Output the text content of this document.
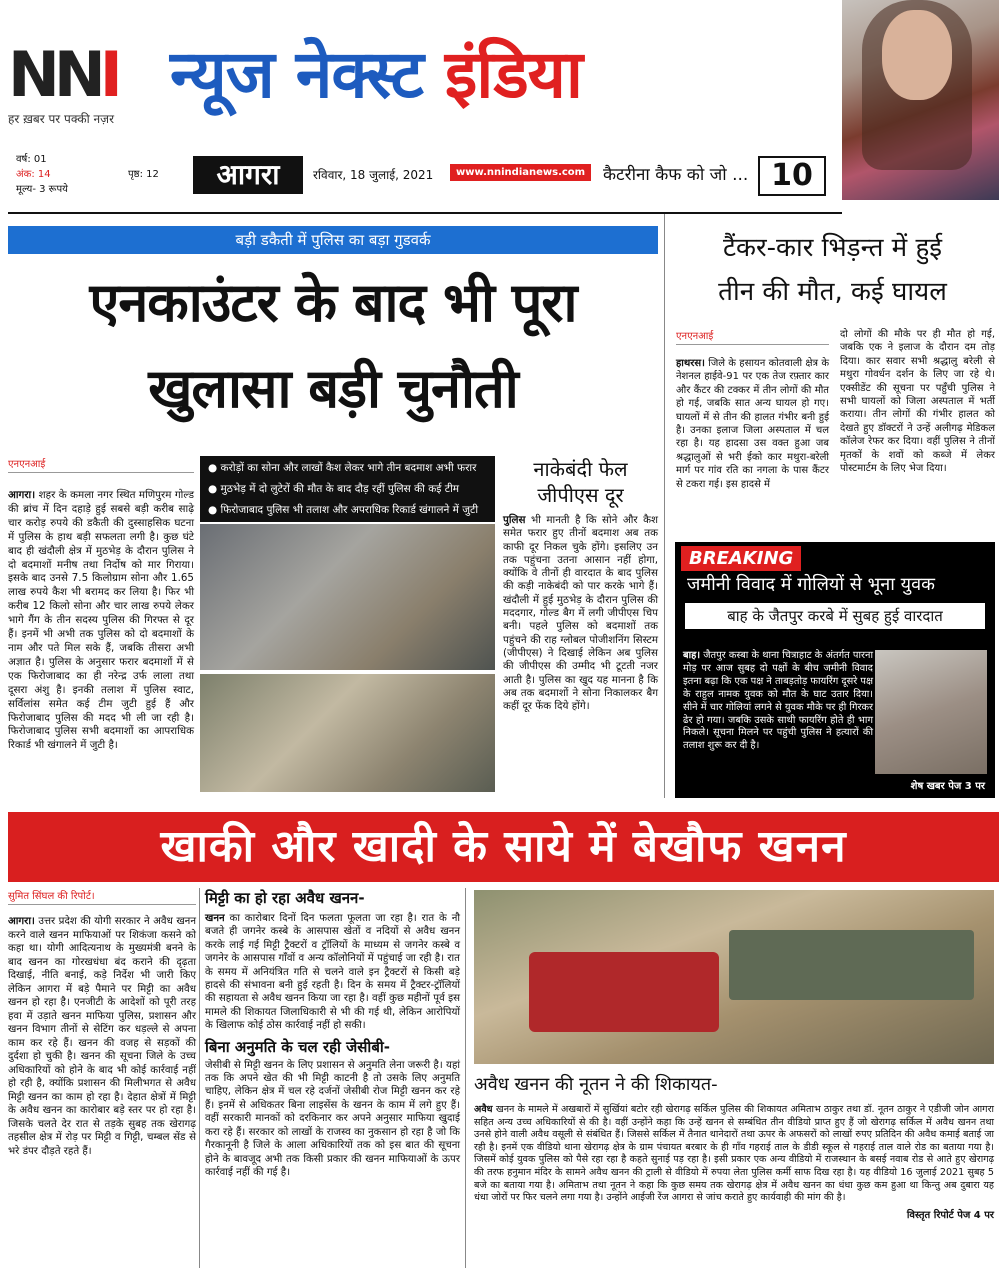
NNI
हर ख़बर पर पक्की नज़र
न्यूज नेक्स्ट इंडिया
वर्ष: 01
अंक: 14
मूल्य- 3 रूपये
पृष्ठ: 12	आगरा	रविवार, 18 जुलाई, 2021	www.nnindianews.com	कैटरीना कैफ को जो ... 10
बड़ी डकैती में पुलिस का बड़ा गुडवर्क
एनकाउंटर के बाद भी पूरा
खुलासा बड़ी चुनौती
एनएनआई

आगरा। शहर के कमला नगर स्थित मणिपुरम गोल्ड की ब्रांच में दिन दहाड़े हुई सबसे बड़ी करीब साढ़े चार करोड़ रुपये की डकैती की दुस्साहसिक घटना में पुलिस के हाथ बड़ी सफलता लगी है। कुछ घंटे बाद ही खंदौली क्षेत्र में मुठभेड़ के दौरान पुलिस ने दो बदमाशों मनीष तथा निर्दोष को मार गिराया। इसके बाद उनसे 7.5 किलोग्राम सोना और 1.65 लाख रुपये कैश भी बरामद कर लिया है। फिर भी करीब 12 किलो सोना और चार लाख रुपये लेकर भागे गैंग के तीन सदस्य पुलिस की गिरफ्त से दूर हैं। इनमें भी अभी तक पुलिस को दो बदमाशों के नाम और पते मिल सके हैं, जबकि तीसरा अभी अज्ञात है। पुलिस के अनुसार फरार बदमाशों में से एक फिरोजाबाद का ही नरेन्द्र उर्फ लाला तथा दूसरा अंशु है। इनकी तलाश में पुलिस स्वाट, सर्विलांस समेत कई टीम जुटी हुई हैं और फिरोजाबाद पुलिस की मदद भी ली जा रही है। फिरोजाबाद पुलिस सभी बदमाशों का आपराधिक रिकार्ड भी खंगालने में जुटी है।

● करोड़ों का सोना और लाखों कैश लेकर भागे तीन बदमाश अभी फरार
● मुठभेड़ में दो लुटेरों की मौत के बाद दौड़ रहीं पुलिस की कई टीम
● फिरोजाबाद पुलिस भी तलाश और अपराधिक रिकार्ड खंगालने में जुटी
नाकेबंदी फेल
जीपीएस दूर

पुलिस भी मानती है कि सोने और कैश समेत फरार हुए तीनों बदमाश अब तक काफी दूर निकल चुके होंगे। इसलिए उन तक पहुंचना उतना आसान नहीं होगा, क्योंकि वे तीनों ही वारदात के बाद पुलिस की कड़ी नाकेबंदी को पार करके भागे हैं। खंदौली में हुई मुठभेड़ के दौरान पुलिस की मददगार, गोल्ड बैग में लगी जीपीएस चिप बनी। पहले पुलिस को बदमाशों तक पहुंचने की राह ग्लोबल पोजीशनिंग सिस्टम (जीपीएस) ने दिखाई लेकिन अब पुलिस की जीपीएस की उम्मीद भी टूटती नजर आती है। पुलिस का खुद यह मानना है कि अब तक बदमाशों ने सोना निकालकर बैग कहीं दूर फेंक दिये होंगे।

टैंकर-कार भिड़न्त में हुई
तीन की मौत, कई घायल
एनएनआई

हाथरस। जिले के हसायन कोतवाली क्षेत्र के नेशनल हाईवे-91 पर एक तेज रफ़्तार कार और कैंटर की टक्कर में तीन लोगों की मौत हो गई, जबकि सात अन्य घायल हो गए। घायलों में से तीन की हालत गंभीर बनी हुई है। उनका इलाज जिला अस्पताल में चल रहा है। यह हादसा उस वक्त हुआ जब श्रद्धालुओं से भरी ईको कार मथुरा-बरेली मार्ग पर गांव रति का नगला के पास कैंटर से टकरा गई। इस हादसे में

दो लोगों की मौके पर ही मौत हो गई, जबकि एक ने इलाज के दौरान दम तोड़ दिया। कार सवार सभी श्रद्धालु बरेली से मथुरा गोवर्धन दर्शन के लिए जा रहे थे। एक्सीडेंट की सूचना पर पहुँची पुलिस ने सभी घायलों को जिला अस्पताल में भर्ती कराया। तीन लोगों की गंभीर हालत को देखते हुए डॉक्टरों ने उन्हें अलीगढ़ मेडिकल कॉलेज रेफर कर दिया। वहीं पुलिस ने तीनों मृतकों के शवों को कब्जे में लेकर पोस्टमार्टम के लिए भेज दिया।

BREAKING
जमीनी विवाद में गोलियों से भूना युवक
बाह के जैतपुर करबे में सुबह हुई वारदात

बाह। जैतपुर कस्बा के थाना चित्राहाट के अंतर्गत पारना मोड़ पर आज सुबह दो पक्षों के बीच जमीनी विवाद इतना बढ़ा कि एक पक्ष ने ताबड़तोड़ फायरिंग दूसरे पक्ष के राहुल नामक युवक को मौत के घाट उतार दिया। सीने में चार गोलियां लगने से युवक मौके पर ही गिरकर ढेर हो गया। जबकि उसके साथी फायरिंग होते ही भाग निकले। सूचना मिलने पर पहुंची पुलिस ने हत्यारों की तलाश शुरू कर दी है।

शेष खबर पेज 3 पर
खाकी और खादी के साये में बेखौफ खनन
सुमित सिंघल की रिपोर्ट।

आगरा। उत्तर प्रदेश की योगी सरकार ने अवैध खनन करने वाले खनन माफियाओं पर शिकंजा कसने को कहा था। योगी आदित्यनाथ के मुख्यमंत्री बनने के बाद खनन का गोरखधंधा बंद कराने की दृढ़ता दिखाई, नीति बनाई, कड़े निर्देश भी जारी किए लेकिन आगरा में बड़े पैमाने पर मिट्टी का अवैध खनन हो रहा है। एनजीटी के आदेशों को पूरी तरह हवा में उड़ाते खनन माफिया पुलिस, प्रशासन और खनन विभाग तीनों से सेटिंग कर धड़ल्ले से अपना काम कर रहे हैं। खनन की वजह से सड़कों की दुर्दशा हो चुकी है। खनन की सूचना जिले के उच्च अधिकारियों को होने के बाद भी कोई कार्रवाई नहीं हो रही है, क्योंकि प्रशासन की मिलीभगत से अवैध मिट्टी खनन का काम हो रहा है। देहात क्षेत्रों में मिट्टी के अवैध खनन का कारोबार बड़े स्तर पर हो रहा है। जिसके चलते देर रात से तड़के सुबह तक खेरागढ़ तहसील क्षेत्र में रोड़ पर मिट्टी व गिट्टी, चम्बल सेंड से भरे डंपर दौड़ते रहते हैं।

मिट्टी का हो रहा अवैध खनन-

खनन का कारोबार दिनों दिन फलता फूलता जा रहा है। रात के नौ बजते ही जगनेर कस्बे के आसपास खेतों व नदियों से अवैध खनन करके लाई गई मिट्टी ट्रैक्टरों व ट्रॉलियों के माध्यम से जगनेर कस्बे व जगनेर के आसपास गाँवों व अन्य कॉलोनियों में पहुंचाई जा रही है। रात के समय में अनियंत्रित गति से चलने वाले इन ट्रैक्टरों से किसी बड़े हादसे की संभावना बनी हुई रहती है। दिन के समय में ट्रैक्टर-ट्रॉलियों की सहायता से अवैध खनन किया जा रहा है। वहीं कुछ महीनों पूर्व इस मामले की शिकायत जिलाधिकारी से भी की गई थी, लेकिन आरोपियों के खिलाफ कोई ठोस कार्रवाई नहीं हो सकी।

बिना अनुमति के चल रही जेसीबी-

जेसीबी से मिट्टी खनन के लिए प्रशासन से अनुमति लेना जरूरी है। यहां तक कि अपने खेत की भी मिट्टी काटनी है तो उसके लिए अनुमति चाहिए, लेकिन क्षेत्र में चल रहे दर्जनों जेसीबी रोज मिट्टी खनन कर रहे हैं। इनमें से अधिकतर बिना लाइसेंस के खनन के काम में लगे हुए हैं। वहीं सरकारी मानकों को दरकिनार कर अपने अनुसार माफिया खुदाई करा रहे हैं। सरकार को लाखों के राजस्व का नुकसान हो रहा है जो कि गैरकानूनी है जिले के आला अधिकारियों तक को इस बात की सूचना होने के बावजूद अभी तक किसी प्रकार की खनन माफियाओं के ऊपर कार्रवाई नहीं की गई है।

अवैध खनन की नूतन ने की शिकायत-

अवैध खनन के मामले में अखबारों में सुर्खियां बटोर रही खेरागढ़ सर्किल पुलिस की शिकायत अमिताभ ठाकुर तथा डॉ. नूतन ठाकुर ने एडीजी जोन आगरा सहित अन्य उच्च अधिकारियों से की है। वहीं उन्होंने कहा कि उन्हें खनन से सम्बंधित तीन वीडियो प्राप्त हुए हैं जो खेरागढ़ सर्किल में अवैध खनन तथा उनसे होने वाली अवैध वसूली से संबंधित हैं। जिससे सर्किल में तैनात थानेदारों तथा ऊपर के अफसरों को लाखों रुपए प्रतिदिन की अवैध कमाई बताई जा रही है। इनमें एक वीडियो थाना खेरागढ़ क्षेत्र के ग्राम पंचायत बरबार के ही गाँव गहराई ताल के डीडी स्कूल से गहराई ताल वाले रोड का बताया गया है। जिसमें कोई युवक पुलिस को पैसे रहा रहा है कहते सुनाई पड़ रहा है। इसी प्रकार एक अन्य वीडियो में राजस्थान के बसई नवाब रोड से आते हुए खेरागढ़ की तरफ हनुमान मंदिर के सामने अवैध खनन की ट्राली से वीडियो में रुपया लेता पुलिस कर्मी साफ दिख रहा है। यह वीडियो 16 जुलाई 2021 सुबह 5 बजे का बताया गया है। अमिताभ तथा नूतन ने कहा कि कुछ समय तक खेरागढ़ क्षेत्र में अवैध खनन का धंधा कुछ कम हुआ था किन्तु अब दुबारा यह धंधा जोरों पर फिर चलने लगा गया है। उन्होंने आईजी रेंज आगरा से जांच कराते हुए कार्यवाही की मांग की है।

विस्तृत रिपोर्ट पेज 4 पर
